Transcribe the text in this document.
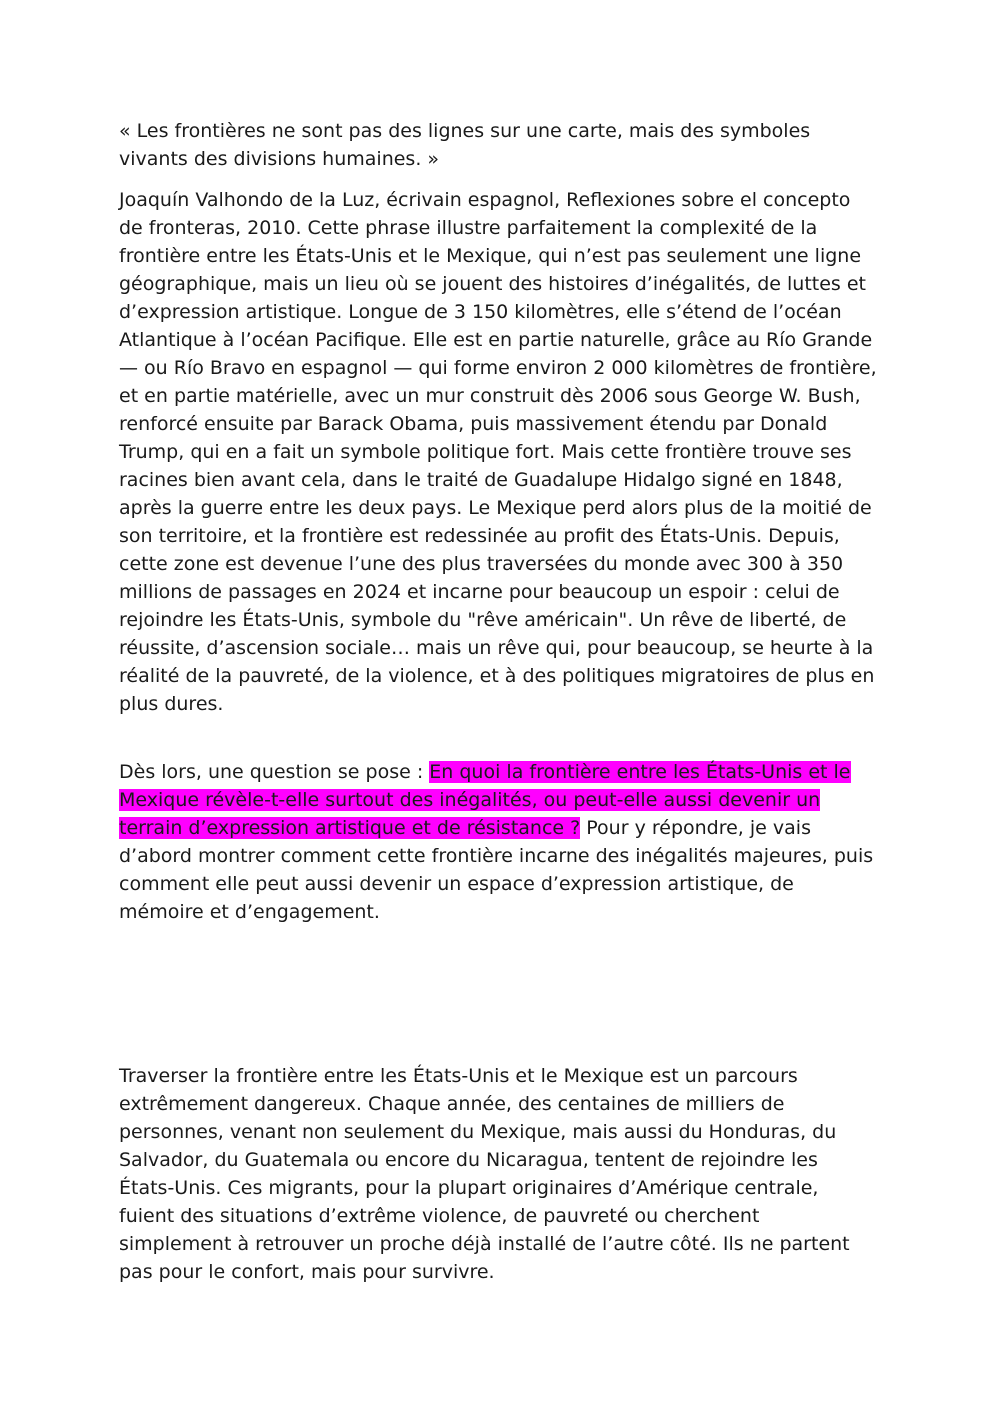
« Les frontières ne sont pas des lignes sur une carte, mais des symboles vivants des divisions humaines. »

Joaquín Valhondo de la Luz, écrivain espagnol, Reflexiones sobre el concepto de fronteras, 2010. Cette phrase illustre parfaitement la complexité de la frontière entre les États-Unis et le Mexique, qui n’est pas seulement une ligne géographique, mais un lieu où se jouent des histoires d’inégalités, de luttes et d’expression artistique. Longue de 3 150 kilomètres, elle s’étend de l’océan Atlantique à l’océan Pacifique. Elle est en partie naturelle, grâce au Río Grande — ou Río Bravo en espagnol — qui forme environ 2 000 kilomètres de frontière, et en partie matérielle, avec un mur construit dès 2006 sous George W. Bush, renforcé ensuite par Barack Obama, puis massivement étendu par Donald Trump, qui en a fait un symbole politique fort. Mais cette frontière trouve ses racines bien avant cela, dans le traité de Guadalupe Hidalgo signé en 1848, après la guerre entre les deux pays. Le Mexique perd alors plus de la moitié de son territoire, et la frontière est redessinée au profit des États-Unis. Depuis, cette zone est devenue l’une des plus traversées du monde avec 300 à 350 millions de passages en 2024 et incarne pour beaucoup un espoir : celui de rejoindre les États-Unis, symbole du "rêve américain". Un rêve de liberté, de réussite, d’ascension sociale… mais un rêve qui, pour beaucoup, se heurte à la réalité de la pauvreté, de la violence, et à des politiques migratoires de plus en plus dures.

Dès lors, une question se pose : En quoi la frontière entre les États-Unis et le Mexique révèle-t-elle surtout des inégalités, ou peut-elle aussi devenir un terrain d’expression artistique et de résistance ? Pour y répondre, je vais d’abord montrer comment cette frontière incarne des inégalités majeures, puis comment elle peut aussi devenir un espace d’expression artistique, de mémoire et d’engagement.

Traverser la frontière entre les États-Unis et le Mexique est un parcours extrêmement dangereux. Chaque année, des centaines de milliers de personnes, venant non seulement du Mexique, mais aussi du Honduras, du Salvador, du Guatemala ou encore du Nicaragua, tentent de rejoindre les États-Unis. Ces migrants, pour la plupart originaires d’Amérique centrale, fuient des situations d’extrême violence, de pauvreté ou cherchent simplement à retrouver un proche déjà installé de l’autre côté. Ils ne partent pas pour le confort, mais pour survivre.
